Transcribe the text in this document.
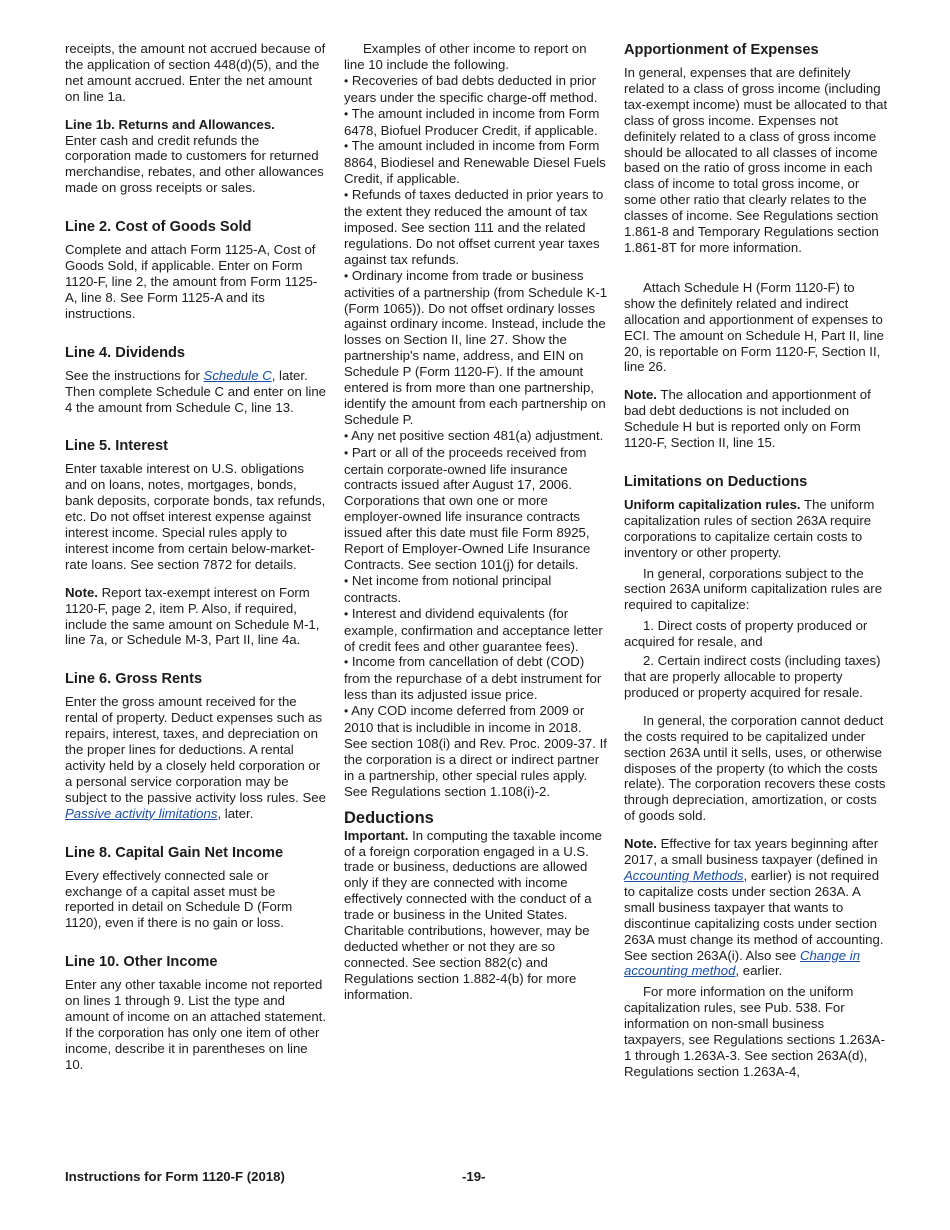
receipts, the amount not accrued because of the application of section 448(d)(5), and the net amount accrued. Enter the net amount on line 1a.

Line 1b. Returns and Allowances.
Enter cash and credit refunds the corporation made to customers for returned merchandise, rebates, and other allowances made on gross receipts or sales.

Line 2. Cost of Goods Sold

Complete and attach Form 1125-A, Cost of Goods Sold, if applicable. Enter on Form 1120-F, line 2, the amount from Form 1125-A, line 8. See Form 1125-A and its instructions.

Line 4. Dividends

See the instructions for Schedule C, later. Then complete Schedule C and enter on line 4 the amount from Schedule C, line 13.

Line 5. Interest

Enter taxable interest on U.S. obligations and on loans, notes, mortgages, bonds, bank deposits, corporate bonds, tax refunds, etc. Do not offset interest expense against interest income. Special rules apply to interest income from certain below-market-rate loans. See section 7872 for details.

Note. Report tax-exempt interest on Form 1120-F, page 2, item P. Also, if required, include the same amount on Schedule M-1, line 7a, or Schedule M-3, Part II, line 4a.

Line 6. Gross Rents

Enter the gross amount received for the rental of property. Deduct expenses such as repairs, interest, taxes, and depreciation on the proper lines for deductions. A rental activity held by a closely held corporation or a personal service corporation may be subject to the passive activity loss rules. See Passive activity limitations, later.

Line 8. Capital Gain Net Income

Every effectively connected sale or exchange of a capital asset must be reported in detail on Schedule D (Form 1120), even if there is no gain or loss.

Line 10. Other Income

Enter any other taxable income not reported on lines 1 through 9. List the type and amount of income on an attached statement. If the corporation has only one item of other income, describe it in parentheses on line 10.

Examples of other income to report on line 10 include the following.

• Recoveries of bad debts deducted in prior years under the specific charge-off method.
• The amount included in income from Form 6478, Biofuel Producer Credit, if applicable.
• The amount included in income from Form 8864, Biodiesel and Renewable Diesel Fuels Credit, if applicable.
• Refunds of taxes deducted in prior years to the extent they reduced the amount of tax imposed. See section 111 and the related regulations. Do not offset current year taxes against tax refunds.
• Ordinary income from trade or business activities of a partnership (from Schedule K-1 (Form 1065)). Do not offset ordinary losses against ordinary income. Instead, include the losses on Section II, line 27. Show the partnership's name, address, and EIN on Schedule P (Form 1120-F). If the amount entered is from more than one partnership, identify the amount from each partnership on Schedule P.
• Any net positive section 481(a) adjustment.
• Part or all of the proceeds received from certain corporate-owned life insurance contracts issued after August 17, 2006. Corporations that own one or more employer-owned life insurance contracts issued after this date must file Form 8925, Report of Employer-Owned Life Insurance Contracts. See section 101(j) for details.
• Net income from notional principal contracts.
• Interest and dividend equivalents (for example, confirmation and acceptance letter of credit fees and other guarantee fees).
• Income from cancellation of debt (COD) from the repurchase of a debt instrument for less than its adjusted issue price.
• Any COD income deferred from 2009 or 2010 that is includible in income in 2018. See section 108(i) and Rev. Proc. 2009-37. If the corporation is a direct or indirect partner in a partnership, other special rules apply. See Regulations section 1.108(i)-2.
Deductions

Important. In computing the taxable income of a foreign corporation engaged in a U.S. trade or business, deductions are allowed only if they are connected with income effectively connected with the conduct of a trade or business in the United States. Charitable contributions, however, may be deducted whether or not they are so connected. See section 882(c) and Regulations section 1.882-4(b) for more information.

Apportionment of Expenses

In general, expenses that are definitely related to a class of gross income (including tax-exempt income) must be allocated to that class of gross income. Expenses not definitely related to a class of gross income should be allocated to all classes of income based on the ratio of gross income in each class of income to total gross income, or some other ratio that clearly relates to the classes of income. See Regulations section 1.861-8 and Temporary Regulations section 1.861-8T for more information.

Attach Schedule H (Form 1120-F) to show the definitely related and indirect allocation and apportionment of expenses to ECI. The amount on Schedule H, Part II, line 20, is reportable on Form 1120-F, Section II, line 26.

Note. The allocation and apportionment of bad debt deductions is not included on Schedule H but is reported only on Form 1120-F, Section II, line 15.

Limitations on Deductions

Uniform capitalization rules. The uniform capitalization rules of section 263A require corporations to capitalize certain costs to inventory or other property.

In general, corporations subject to the section 263A uniform capitalization rules are required to capitalize:

1. Direct costs of property produced or acquired for resale, and

2. Certain indirect costs (including taxes) that are properly allocable to property produced or property acquired for resale.

In general, the corporation cannot deduct the costs required to be capitalized under section 263A until it sells, uses, or otherwise disposes of the property (to which the costs relate). The corporation recovers these costs through depreciation, amortization, or costs of goods sold.

Note. Effective for tax years beginning after 2017, a small business taxpayer (defined in Accounting Methods, earlier) is not required to capitalize costs under section 263A. A small business taxpayer that wants to discontinue capitalizing costs under section 263A must change its method of accounting. See section 263A(i). Also see Change in accounting method, earlier.

For more information on the uniform capitalization rules, see Pub. 538. For information on non-small business taxpayers, see Regulations sections 1.263A-1 through 1.263A-3. See section 263A(d), Regulations section 1.263A-4,

Instructions for Form 1120-F (2018)	-19-
